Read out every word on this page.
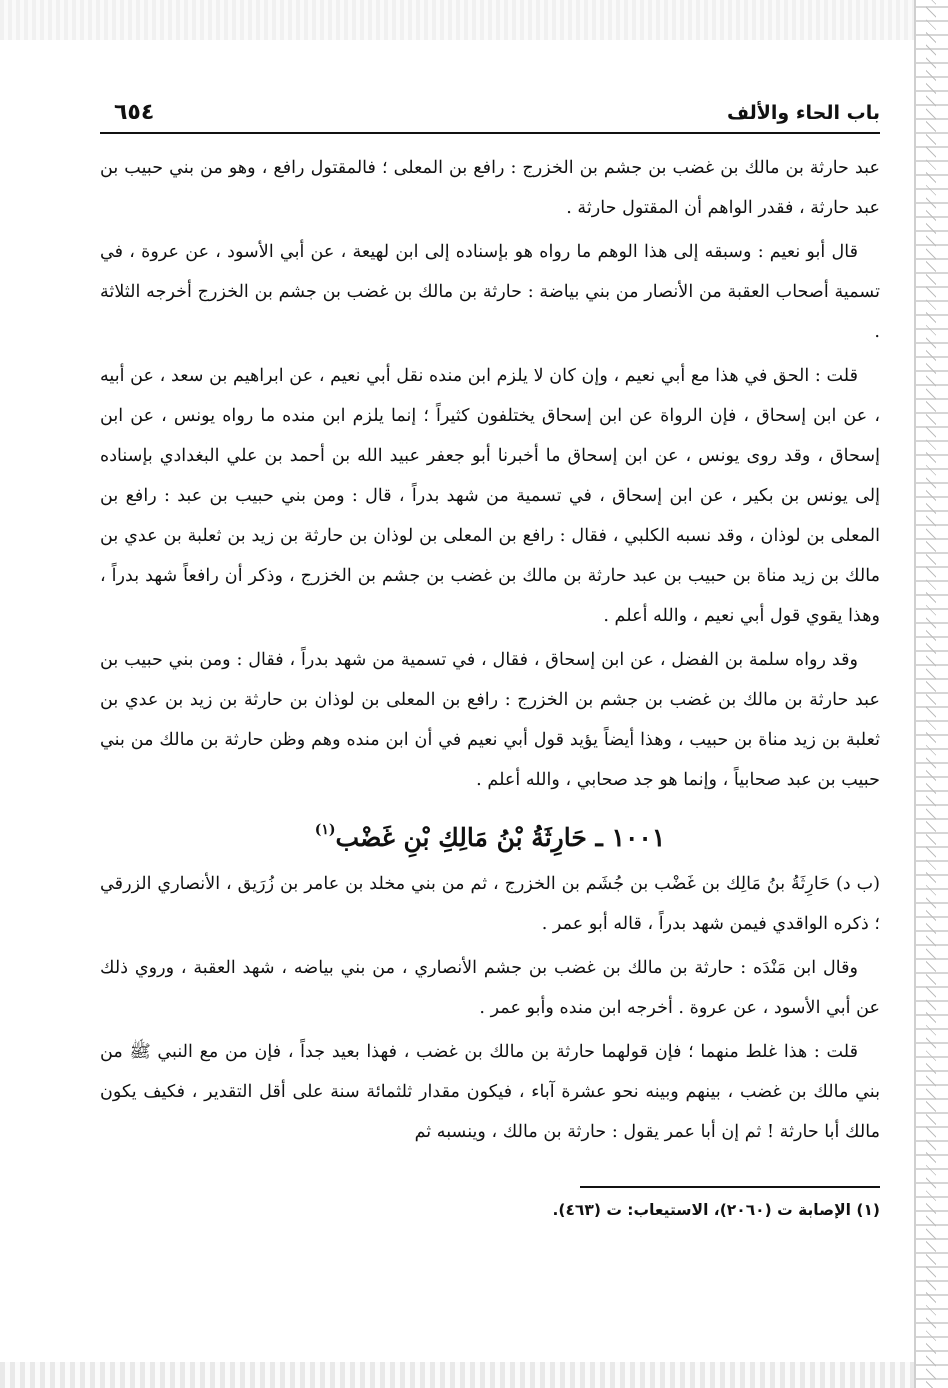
باب الحاء والألف
٦٥٤

عبد حارثة بن مالك بن غضب بن جشم بن الخزرج : رافع بن المعلى ؛ فالمقتول رافع ، وهو من بني حبيب بن عبد حارثة ، فقدر الواهم أن المقتول حارثة .

قال أبو نعيم : وسبقه إلى هذا الوهم ما رواه هو بإسناده إلى ابن لهيعة ، عن أبي الأسود ، عن عروة ، في تسمية أصحاب العقبة من الأنصار من بني بياضة : حارثة بن مالك بن غضب بن جشم بن الخزرج أخرجه الثلاثة .

قلت : الحق في هذا مع أبي نعيم ، وإن كان لا يلزم ابن منده نقل أبي نعيم ، عن ابراهيم بن سعد ، عن أبيه ، عن ابن إسحاق ، فإن الرواة عن ابن إسحاق يختلفون كثيراً ؛ إنما يلزم ابن منده ما رواه يونس ، عن ابن إسحاق ، وقد روى يونس ، عن ابن إسحاق ما أخبرنا أبو جعفر عبيد الله بن أحمد بن علي البغدادي بإسناده إلى يونس بن بكير ، عن ابن إسحاق ، في تسمية من شهد بدراً ، قال : ومن بني حبيب بن عبد : رافع بن المعلى بن لوذان ، وقد نسبه الكلبي ، فقال : رافع بن المعلى بن لوذان بن حارثة بن زيد بن ثعلبة بن عدي بن مالك بن زيد مناة بن حبيب بن عبد حارثة بن مالك بن غضب بن جشم بن الخزرج ، وذكر أن رافعاً شهد بدراً ، وهذا يقوي قول أبي نعيم ، والله أعلم .

وقد رواه سلمة بن الفضل ، عن ابن إسحاق ، فقال ، في تسمية من شهد بدراً ، فقال : ومن بني حبيب بن عبد حارثة بن مالك بن غضب بن جشم بن الخزرج : رافع بن المعلى بن لوذان بن حارثة بن زيد بن عدي بن ثعلبة بن زيد مناة بن حبيب ، وهذا أيضاً يؤيد قول أبي نعيم في أن ابن منده وهم وظن حارثة بن مالك من بني حبيب بن عبد صحابياً ، وإنما هو جد صحابي ، والله أعلم .

١٠٠١ ـ حَارِثَةُ بْنُ مَالِكِ بْنِ غَضْب$^{(١)}$

(ب د) حَارِثَةُ بنُ مَالِك بن غَضْب بن جُشَم بن الخزرج ، ثم من بني مخلد بن عامر بن زُرَيق ، الأنصاري الزرقي ؛ ذكره الواقدي فيمن شهد بدراً ، قاله أبو عمر .

وقال ابن مَنْدَه : حارثة بن مالك بن غضب بن جشم الأنصاري ، من بني بياضه ، شهد العقبة ، وروي ذلك عن أبي الأسود ، عن عروة . أخرجه ابن منده وأبو عمر .

قلت : هذا غلط منهما ؛ فإن قولهما حارثة بن مالك بن غضب ، فهذا بعيد جداً ، فإن من مع النبي ﷺ من بني مالك بن غضب ، بينهم وبينه نحو عشرة آباء ، فيكون مقدار ثلثمائة سنة على أقل التقدير ، فكيف يكون مالك أبا حارثة ! ثم إن أبا عمر يقول : حارثة بن مالك ، وينسبه ثم

(١) الإصابة ت (٢٠٦٠)، الاستيعاب: ت (٤٦٣).
